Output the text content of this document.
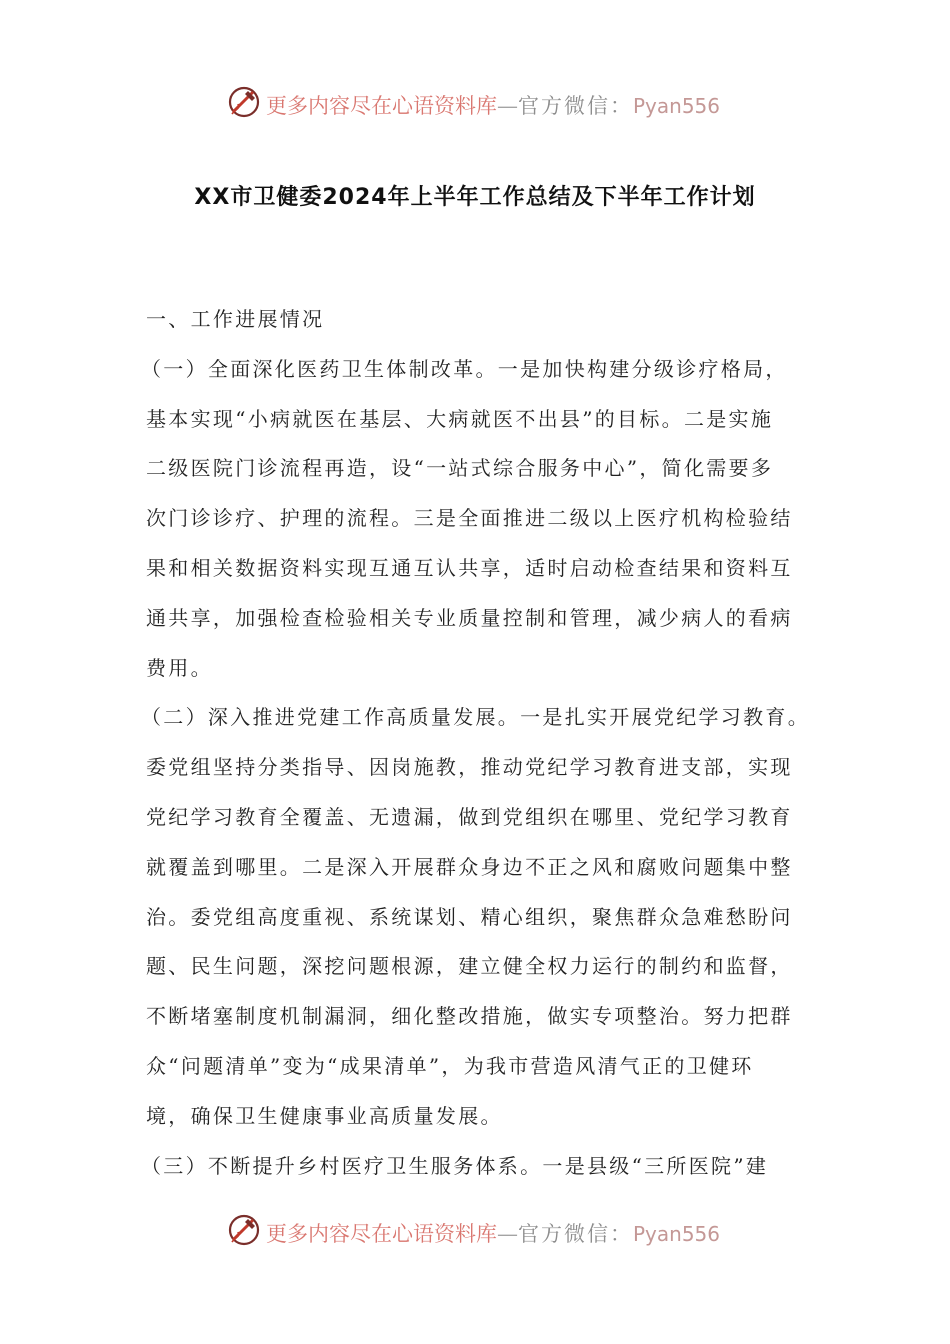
更多内容尽在心语资料库—官方微信：Pyan556
XX市卫健委2024年上半年工作总结及下半年工作计划
一、工作进展情况
（一）全面深化医药卫生体制改革。一是加快构建分级诊疗格局，
基本实现“小病就医在基层、大病就医不出县”的目标。二是实施
二级医院门诊流程再造，设“一站式综合服务中心”，简化需要多
次门诊诊疗、护理的流程。三是全面推进二级以上医疗机构检验结
果和相关数据资料实现互通互认共享，适时启动检查结果和资料互
通共享，加强检查检验相关专业质量控制和管理，减少病人的看病
费用。
（二）深入推进党建工作高质量发展。一是扎实开展党纪学习教育。
委党组坚持分类指导、因岗施教，推动党纪学习教育进支部，实现
党纪学习教育全覆盖、无遗漏，做到党组织在哪里、党纪学习教育
就覆盖到哪里。二是深入开展群众身边不正之风和腐败问题集中整
治。委党组高度重视、系统谋划、精心组织，聚焦群众急难愁盼问
题、民生问题，深挖问题根源，建立健全权力运行的制约和监督，
不断堵塞制度机制漏洞，细化整改措施，做实专项整治。努力把群
众“问题清单”变为“成果清单”，为我市营造风清气正的卫健环
境，确保卫生健康事业高质量发展。
（三）不断提升乡村医疗卫生服务体系。一是县级“三所医院”建
更多内容尽在心语资料库—官方微信：Pyan556
